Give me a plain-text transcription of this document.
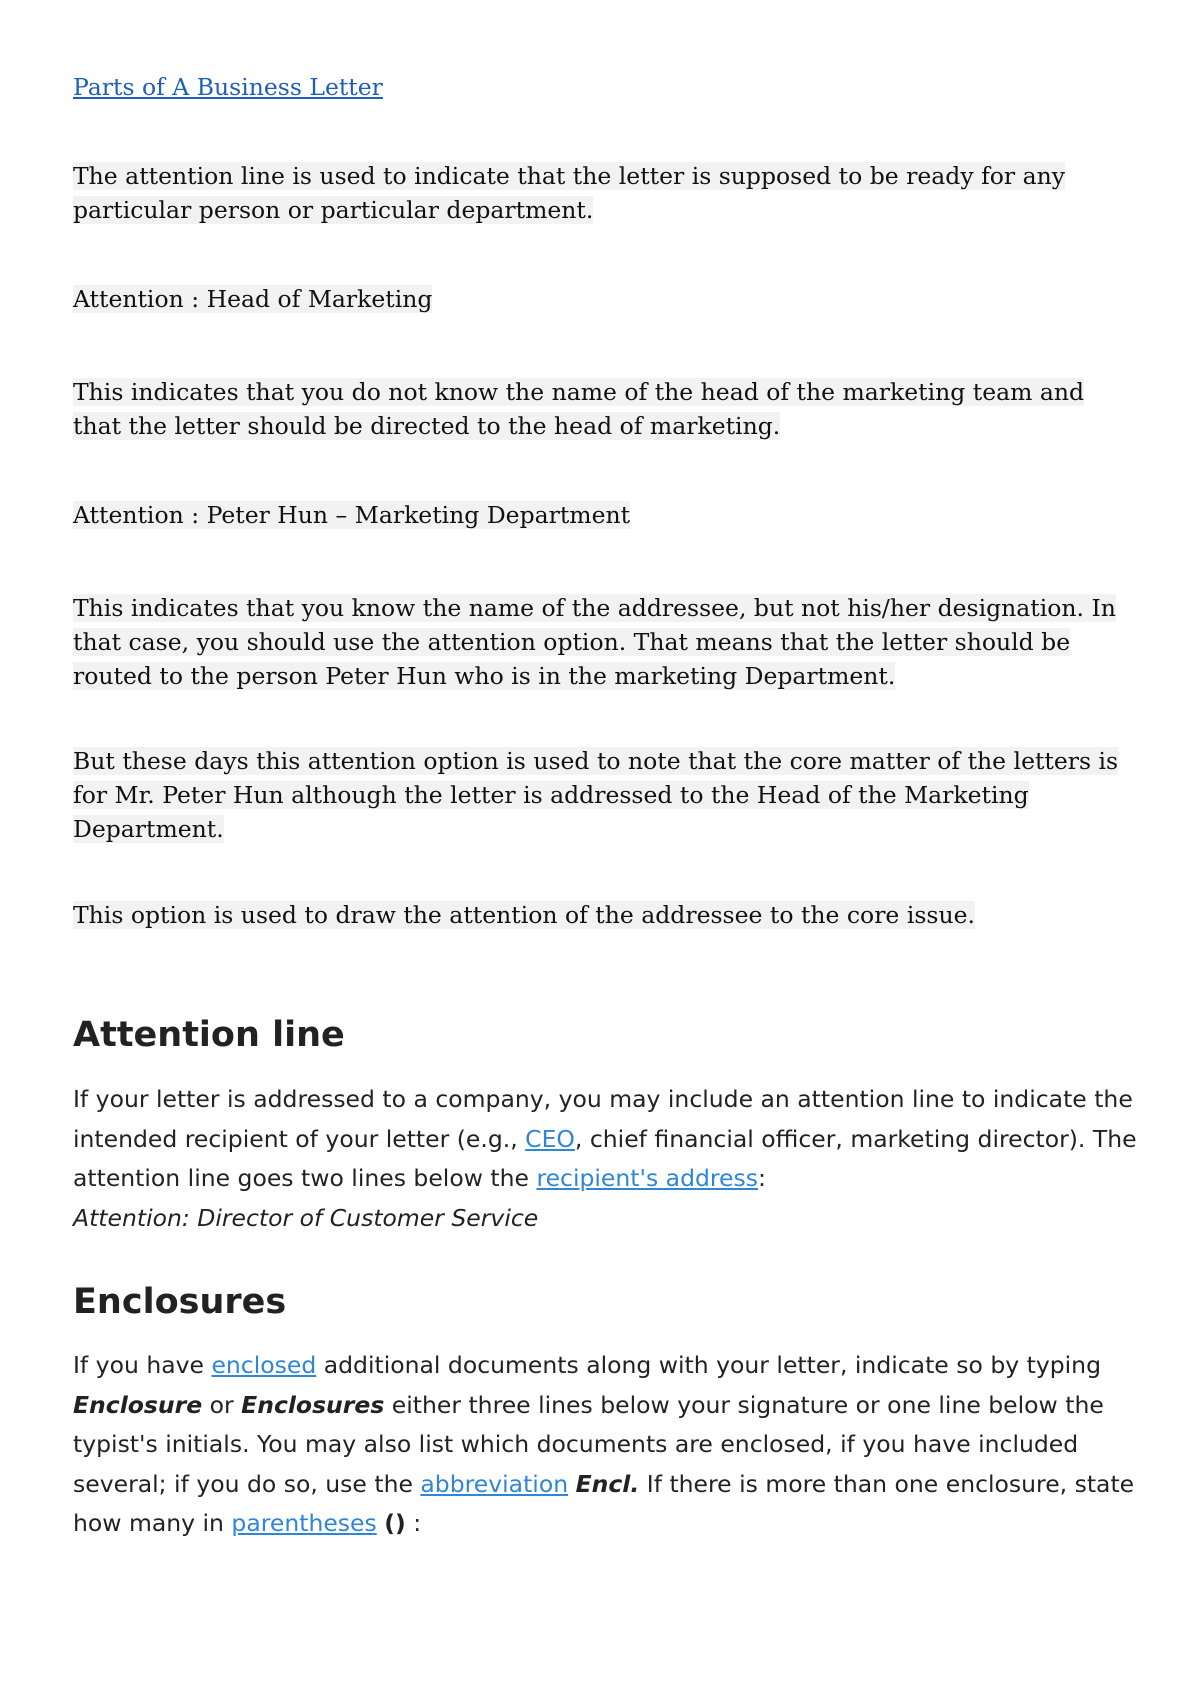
Parts of A Business Letter

The attention line is used to indicate that the letter is supposed to be ready for any particular person or particular department.

Attention : Head of Marketing

This indicates that you do not know the name of the head of the marketing team and that the letter should be directed to the head of marketing.

Attention : Peter Hun – Marketing Department

This indicates that you know the name of the addressee, but not his/her designation. In that case, you should use the attention option. That means that the letter should be routed to the person Peter Hun who is in the marketing Department.

But these days this attention option is used to note that the core matter of the letters is for Mr. Peter Hun although the letter is addressed to the Head of the Marketing Department.

This option is used to draw the attention of the addressee to the core issue.

Attention line

If your letter is addressed to a company, you may include an attention line to indicate the intended recipient of your letter (e.g., CEO, chief financial officer, marketing director). The attention line goes two lines below the recipient's address:
Attention: Director of Customer Service

Enclosures

If you have enclosed additional documents along with your letter, indicate so by typing Enclosure or Enclosures either three lines below your signature or one line below the typist's initials. You may also list which documents are enclosed, if you have included several; if you do so, use the abbreviation Encl. If there is more than one enclosure, state how many in parentheses () :
